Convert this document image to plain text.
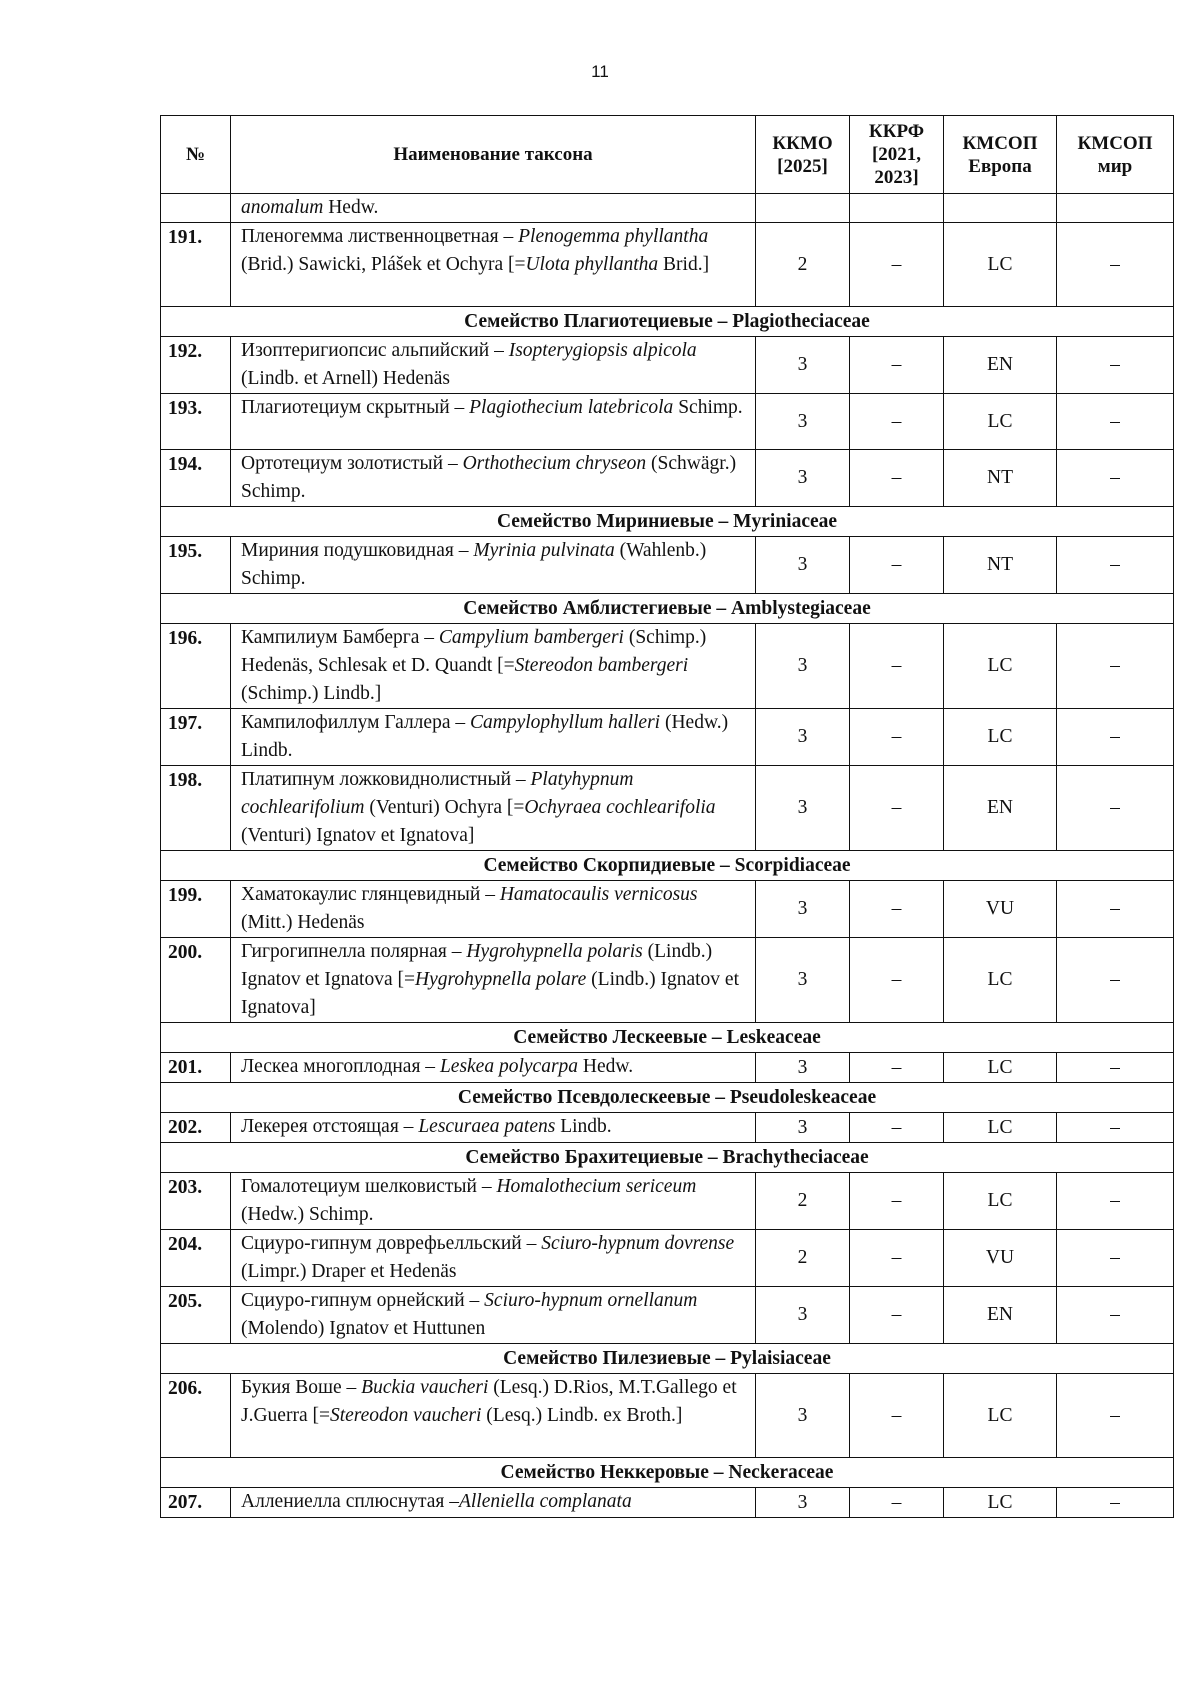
11
№	Наименование таксона	ККМО [2025]	ККРФ [2021, 2023]	КМСОП Европа	КМСОП мир
	anomalum Hedw.				
191.	Пленогемма лиственноцветная – Plenogemma phyllantha (Brid.) Sawicki, Plášek et Ochyra [=Ulota phyllantha Brid.]	2	–	LC	–
Семейство Плагиотециевые – Plagiotheciaceae					
192.	Изоптеригиопсис альпийский – Isopterygiopsis alpicola (Lindb. et Arnell) Hedenäs	3	–	EN	–
193.	Плагиотециум скрытный – Plagiothecium latebricola Schimp.	3	–	LC	–
194.	Ортотециум золотистый – Orthothecium chryseon (Schwägr.) Schimp.	3	–	NT	–
Семейство Мириниевые – Myriniaceae					
195.	Мириния подушковидная – Myrinia pulvinata (Wahlenb.) Schimp.	3	–	NT	–
Семейство Амблистегиевые – Amblystegiaceae					
196.	Кампилиум Бамберга – Campylium bambergeri (Schimp.) Hedenäs, Schlesak et D. Quandt [=Stereodon bambergeri (Schimp.) Lindb.]	3	–	LC	–
197.	Кампилофиллум Галлера – Campylophyllum halleri (Hedw.) Lindb.	3	–	LC	–
198.	Платипнум ложковиднолистный – Platyhypnum cochlearifolium (Venturi) Ochyra [=Ochyraea cochlearifolia (Venturi) Ignatov et Ignatova]	3	–	EN	–
Семейство Скорпидиевые – Scorpidiaceae					
199.	Хаматокаулис глянцевидный – Hamatocaulis vernicosus (Mitt.) Hedenäs	3	–	VU	–
200.	Гигрогипнелла полярная – Hygrohypnella polaris (Lindb.) Ignatov et Ignatova [=Hygrohypnella polare (Lindb.) Ignatov et Ignatova]	3	–	LC	–
Семейство Лескеевые – Leskeaceae					
201.	Лескеа многоплодная – Leskea polycarpa Hedw.	3	–	LC	–
Семейство Псевдолескеевые – Pseudoleskeaceae					
202.	Лекерея отстоящая – Lescuraea patens Lindb.	3	–	LC	–
Семейство Брахитециевые – Brachytheciaceae					
203.	Гомалотециум шелковистый – Homalothecium sericeum (Hedw.) Schimp.	2	–	LC	–
204.	Сциуро-гипнум доврефьелльский – Sciuro-hypnum dovrense (Limpr.) Draper et Hedenäs	2	–	VU	–
205.	Сциуро-гипнум орнейский – Sciuro-hypnum ornellanum (Molendo) Ignatov et Huttunen	3	–	EN	–
Семейство Пилезиевые – Pylaisiaceae					
206.	Букия Воше – Buckia vaucheri (Lesq.) D.Rios, M.T.Gallego et J.Guerra [=Stereodon vaucheri (Lesq.) Lindb. ex Broth.]	3	–	LC	–
Семейство Неккеровые – Neckeraceae					
207.	Аллениелла сплюснутая –Alleniella complanata	3	–	LC	–
